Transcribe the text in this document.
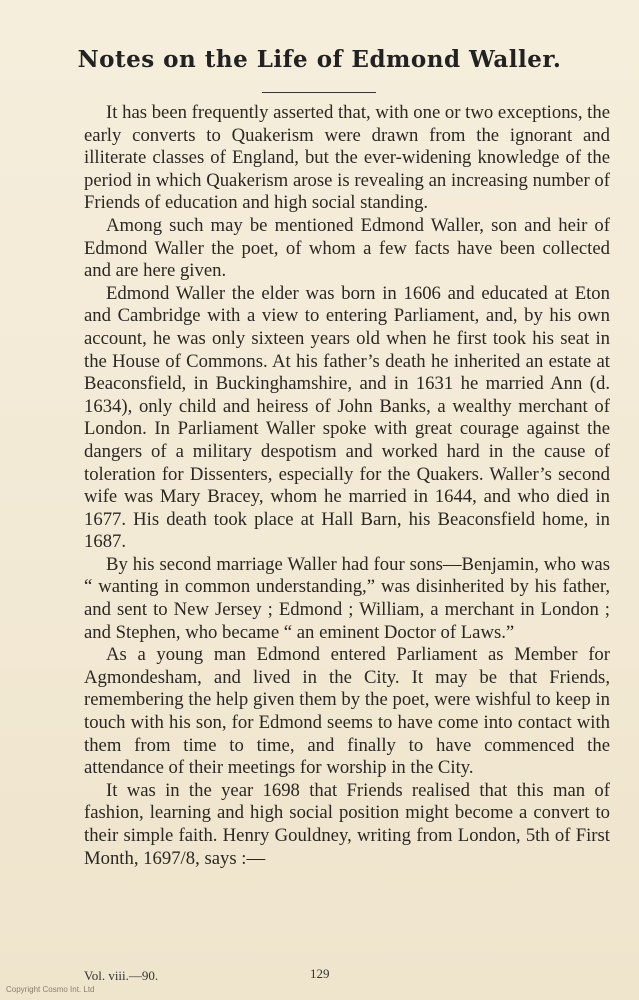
Notes on the Life of Edmond Waller.

It has been frequently asserted that, with one or two exceptions, the early converts to Quakerism were drawn from the ignorant and illiterate classes of England, but the ever-widening knowledge of the period in which Quakerism arose is revealing an increasing number of Friends of education and high social standing.

Among such may be mentioned Edmond Waller, son and heir of Edmond Waller the poet, of whom a few facts have been collected and are here given.

Edmond Waller the elder was born in 1606 and educated at Eton and Cambridge with a view to entering Parliament, and, by his own account, he was only sixteen years old when he first took his seat in the House of Commons. At his father’s death he inherited an estate at Beaconsfield, in Buckinghamshire, and in 1631 he married Ann (d. 1634), only child and heiress of John Banks, a wealthy merchant of London. In Parliament Waller spoke with great courage against the dangers of a military despotism and worked hard in the cause of toleration for Dissenters, especially for the Quakers. Waller’s second wife was Mary Bracey, whom he married in 1644, and who died in 1677. His death took place at Hall Barn, his Beaconsfield home, in 1687.

By his second marriage Waller had four sons—Benjamin, who was “ wanting in common understanding,” was disinherited by his father, and sent to New Jersey ; Edmond ; William, a merchant in London ; and Stephen, who became “ an eminent Doctor of Laws.”

As a young man Edmond entered Parliament as Member for Agmondesham, and lived in the City. It may be that Friends, remembering the help given them by the poet, were wishful to keep in touch with his son, for Edmond seems to have come into contact with them from time to time, and finally to have commenced the attendance of their meetings for worship in the City.

It was in the year 1698 that Friends realised that this man of fashion, learning and high social position might become a convert to their simple faith. Henry Gouldney, writing from London, 5th of First Month, 1697/8, says :—

Vol. viii.—90.	129
Copyright Cosmo Int. Ltd
